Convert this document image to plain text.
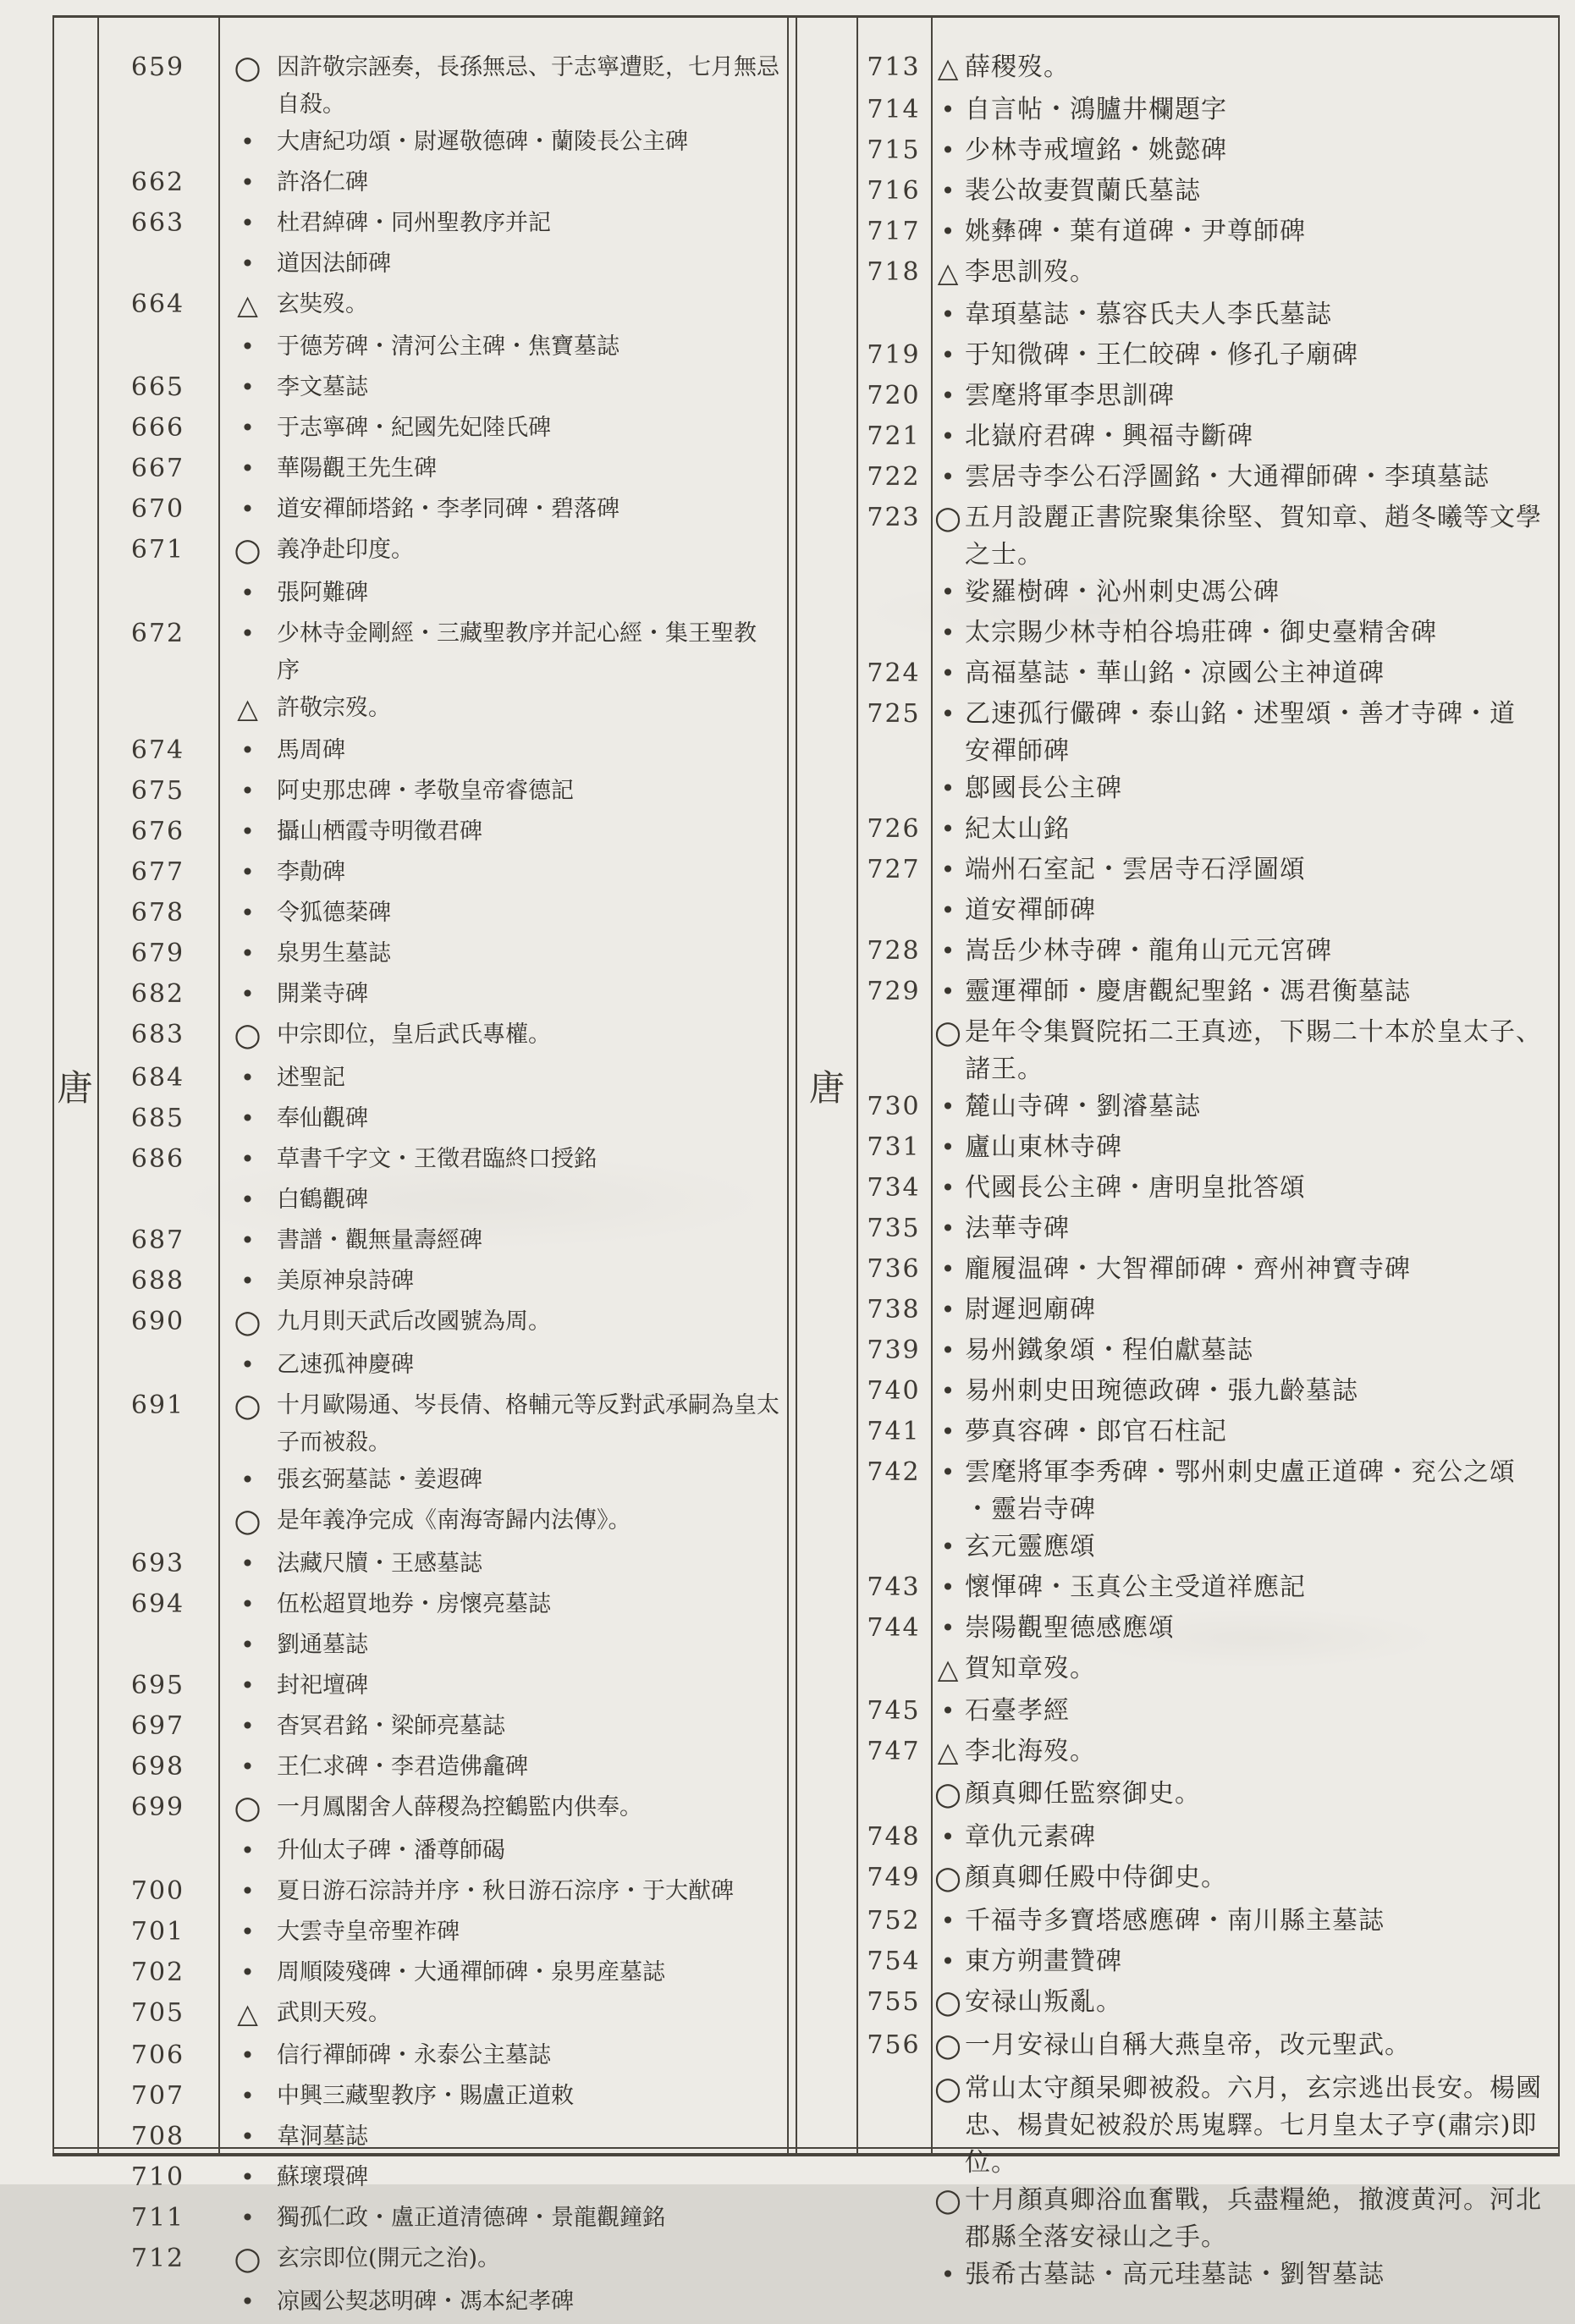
唐	唐
659	○ 因許敬宗誣奏，長孫無忌、于志寧遭貶，七月無忌
自殺。
• 大唐紀功頌・尉遲敬德碑・蘭陵長公主碑
662	• 許洛仁碑
663	• 杜君綽碑・同州聖教序并記
• 道因法師碑
664	△ 玄奘歿。
• 于德芳碑・清河公主碑・焦寶墓誌
665	• 李文墓誌
666	• 于志寧碑・紀國先妃陸氏碑
667	• 華陽觀王先生碑
670	• 道安禪師塔銘・李孝同碑・碧落碑
671	○ 義净赴印度。
• 張阿難碑
672	• 少林寺金剛經・三藏聖教序并記心經・集王聖教
序
△ 許敬宗歿。
674	• 馬周碑
675	• 阿史那忠碑・孝敬皇帝睿德記
676	• 攝山栖霞寺明徵君碑
677	• 李勣碑
678	• 令狐德棻碑
679	• 泉男生墓誌
682	• 開業寺碑
683	○ 中宗即位，皇后武氏專權。
684	• 述聖記
685	• 奉仙觀碑
686	• 草書千字文・王徵君臨終口授銘
• 白鶴觀碑
687	• 書譜・觀無量壽經碑
688	• 美原神泉詩碑
690	○ 九月則天武后改國號為周。
• 乙速孤神慶碑
691	○ 十月歐陽通、岑長倩、格輔元等反對武承嗣為皇太
子而被殺。
• 張玄弼墓誌・姜遐碑
○ 是年義净完成《南海寄歸内法傳》。
693	• 法藏尺牘・王感墓誌
694	• 伍松超買地券・房懷亮墓誌
• 劉通墓誌
695	• 封祀壇碑
697	• 杳冥君銘・梁師亮墓誌
698	• 王仁求碑・李君造佛龕碑
699	○ 一月鳳閣舍人薛稷為控鶴監内供奉。
• 升仙太子碑・潘尊師碣
700	• 夏日游石淙詩并序・秋日游石淙序・于大猷碑
701	• 大雲寺皇帝聖祚碑
702	• 周順陵殘碑・大通禪師碑・泉男産墓誌
705	△ 武則天歿。
706	• 信行禪師碑・永泰公主墓誌
707	• 中興三藏聖教序・賜盧正道敕
708	• 韋洞墓誌
710	• 蘇瓌環碑
711	• 獨孤仁政・盧正道清德碑・景龍觀鐘銘
712	○ 玄宗即位(開元之治)。
• 凉國公契苾明碑・馮本紀孝碑
713 △ 薛稷歿。
714 • 自言帖・鴻臚井欄題字
715 • 少林寺戒壇銘・姚懿碑
716 • 裴公故妻賀蘭氏墓誌
717 • 姚彝碑・葉有道碑・尹尊師碑
718 △ 李思訓歿。
• 韋頊墓誌・慕容氏夫人李氏墓誌
719 • 于知微碑・王仁皎碑・修孔子廟碑
720 • 雲麾將軍李思訓碑
721 • 北嶽府君碑・興福寺斷碑
722 • 雲居寺李公石浮圖銘・大通禪師碑・李瑱墓誌
723 ○ 五月設麗正書院聚集徐堅、賀知章、趙冬曦等文學
之士。
• 娑羅樹碑・沁州刺史馮公碑
• 太宗賜少林寺柏谷塢莊碑・御史臺精舍碑
724 • 高福墓誌・華山銘・凉國公主神道碑
725 • 乙速孤行儼碑・泰山銘・述聖頌・善才寺碑・道
安禪師碑
• 鄎國長公主碑
726 • 紀太山銘
727 • 端州石室記・雲居寺石浮圖頌
• 道安禪師碑
728 • 嵩岳少林寺碑・龍角山元元宮碑
729 • 靈運禪師・慶唐觀紀聖銘・馮君衡墓誌
○ 是年令集賢院拓二王真迹，下賜二十本於皇太子、
諸王。
730 • 麓山寺碑・劉濬墓誌
731 • 廬山東林寺碑
734 • 代國長公主碑・唐明皇批答頌
735 • 法華寺碑
736 • 龐履温碑・大智禪師碑・齊州神寶寺碑
738 • 尉遲迥廟碑
739 • 易州鐵象頌・程伯獻墓誌
740 • 易州刺史田琬德政碑・張九齡墓誌
741 • 夢真容碑・郎官石柱記
742 • 雲麾將軍李秀碑・鄂州刺史盧正道碑・兖公之頌
・靈岩寺碑
• 玄元靈應頌
743 • 懷惲碑・玉真公主受道祥應記
744 • 崇陽觀聖德感應頌
△ 賀知章歿。
745 • 石臺孝經
747 △ 李北海歿。
○ 顏真卿任監察御史。
748 • 章仇元素碑
749 ○ 顏真卿任殿中侍御史。
752 • 千福寺多寶塔感應碑・南川縣主墓誌
754 • 東方朔畫贊碑
755 ○ 安禄山叛亂。
756 ○ 一月安禄山自稱大燕皇帝，改元聖武。
○ 常山太守顏杲卿被殺。六月，玄宗逃出長安。楊國
忠、楊貴妃被殺於馬嵬驛。七月皇太子亨(肅宗)即
位。
○ 十月顏真卿浴血奮戰，兵盡糧絶，撤渡黄河。河北
郡縣全落安禄山之手。
• 張希古墓誌・高元珪墓誌・劉智墓誌
